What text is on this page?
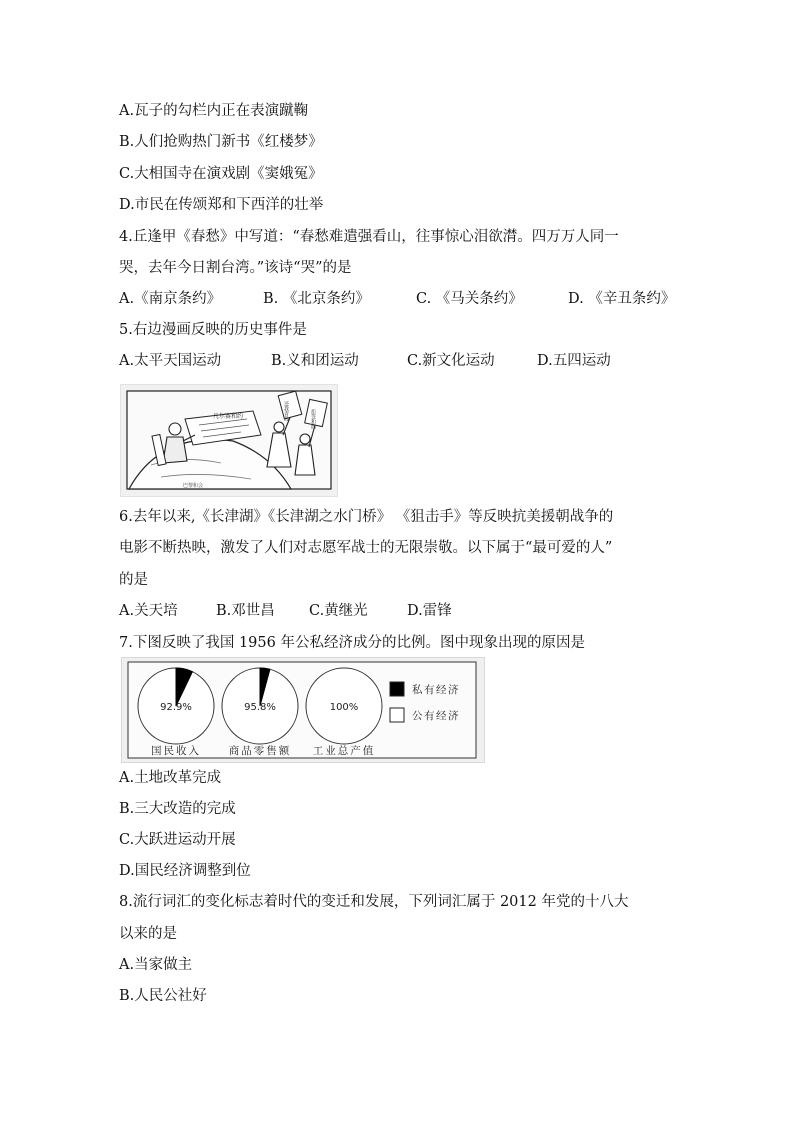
A.瓦子的勾栏内正在表演蹴鞠
B.人们抢购热门新书《红楼梦》
C.大相国寺在演戏剧《窦娥冤》
D.市民在传颂郑和下西洋的壮举
4.丘逢甲《春愁》中写道：“春愁难遣强看山，往事惊心泪欲潸。四万万人同一
哭，去年今日割台湾。”该诗“哭”的是
A.《南京条约》	B. 《北京条约》	C. 《马关条约》	D. 《辛丑条约》
5.右边漫画反映的历史事件是
A.太平天国运动	B.义和团运动	C.新文化运动	D.五四运动
凡尔赛和约	还我青岛	拒签和约
巴黎和会
6.去年以来,《长津湖》《长津湖之水门桥》 《狙击手》等反映抗美援朝战争的
电影不断热映，激发了人们对志愿军战士的无限崇敬。以下属于“最可爱的人”
的是
A.关天培	B.邓世昌 C.黄继光	D.雷锋
7.下图反映了我国 1956 年公私经济成分的比例。图中现象出现的原因是
92.9%
国民收入
95.8%
商品零售额
100%
工业总产值
私有经济
公有经济
A.土地改革完成
B.三大改造的完成
C.大跃进运动开展
D.国民经济调整到位
8.流行词汇的变化标志着时代的变迁和发展，下列词汇属于 2012 年党的十八大
以来的是
A.当家做主
B.人民公社好
